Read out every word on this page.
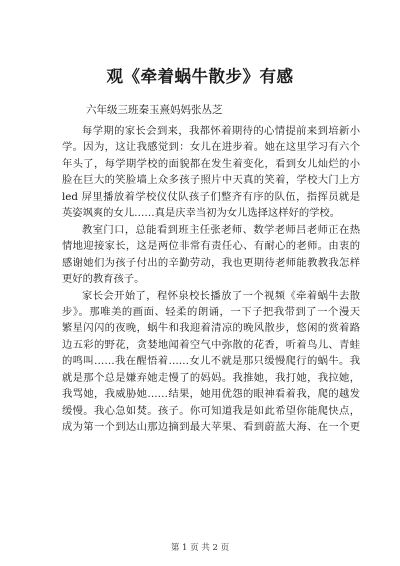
观《牵着蜗牛散步》有感
六年级三班秦玉熹妈妈张丛芝

每学期的家长会到来，我都怀着期待的心情提前来到培新小
学。因为，这让我感觉到：女儿在进步着。她在这里学习有六个
年头了，每学期学校的面貌都在发生着变化，看到女儿灿烂的小
脸在巨大的笑脸墙上众多孩子照片中天真的笑着，学校大门上方
led 屏里播放着学校仪仗队孩子们整齐有序的队伍，指挥员就是
英姿飒爽的女儿……真是庆幸当初为女儿选择这样好的学校。

教室门口，总能看到班主任张老师、数学老师吕老师正在热
情地迎接家长，这是两位非常有责任心、有耐心的老师。由衷的
感谢她们为孩子付出的辛勤劳动，我也更期待老师能教教我怎样
更好的教育孩子。

家长会开始了，程怀泉校长播放了一个视频《牵着蜗牛去散
步》。那唯美的画面、轻柔的朗诵，一下子把我带到了一个漫天
繁星闪闪的夜晚，蜗牛和我迎着清凉的晚风散步，悠闲的赏着路
边五彩的野花，贪婪地闻着空气中弥散的花香，听着鸟儿、青蛙
的鸣叫……我在醒悟着……女儿不就是那只缓慢爬行的蜗牛。我
就是那个总是嫌弃她走慢了的妈妈。我推她，我打她，我拉她，
我骂她，我威胁她……结果，她用优怨的眼神看着我，爬的越发
缓慢。我心急如焚。孩子。你可知道我是如此希望你能爬快点，
成为第一个到达山那边摘到最大苹果、看到蔚蓝大海、在一个更

第 1 页 共 2 页
